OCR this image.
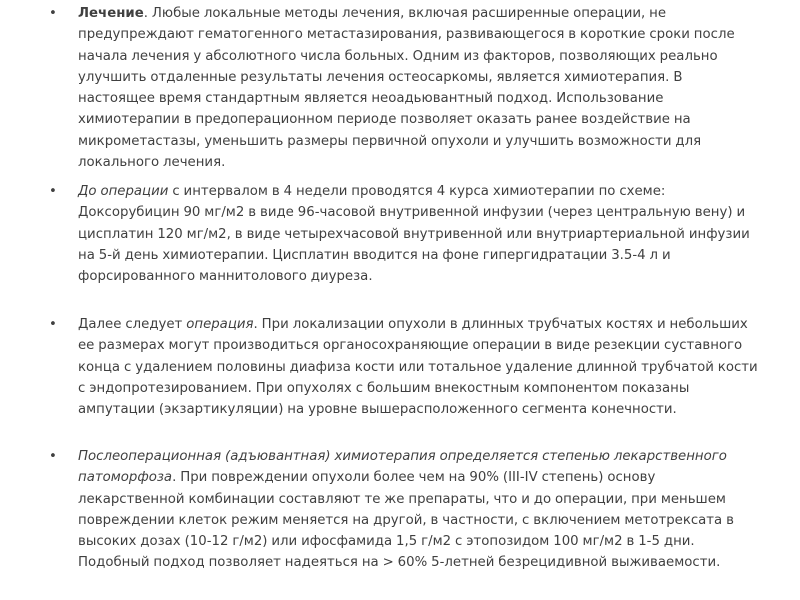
• Лечение. Любые локальные методы лечения, включая расширенные операции, не предупреждают гематогенного метастазирования, развивающегося в короткие сроки после начала лечения у абсолютного числа больных. Одним из факторов, позволяющих реально улучшить отдаленные результаты лечения остеосаркомы, является химиотерапия. В настоящее время стандартным является неоадьювантный подход. Использование химиотерапии в предоперационном периоде позволяет оказать ранее воздействие на микрометастазы, уменьшить размеры первичной опухоли и улучшить возможности для локального лечения.
• До операции с интервалом в 4 недели проводятся 4 курса химиотерапии по схеме: Доксорубицин 90 мг/м2 в виде 96-часовой внутривенной инфузии (через центральную вену) и цисплатин 120 мг/м2, в виде четырехчасовой внутривенной или внутриартериальной инфузии на 5-й день химиотерапии. Цисплатин вводится на фоне гипергидратации 3.5-4 л и форсированного маннитолового диуреза.
• Далее следует операция. При локализации опухоли в длинных трубчатых костях и небольших ее размерах могут производиться органосохраняющие операции в виде резекции суставного конца с удалением половины диафиза кости или тотальное удаление длинной трубчатой кости с эндопротезированием. При опухолях с большим внекостным компонентом показаны ампутации (экзартикуляции) на уровне вышерасположенного сегмента конечности.
• Послеоперационная (адъювантная) химиотерапия определяется степенью лекарственного патоморфоза. При повреждении опухоли более чем на 90% (III-IV степень) основу лекарственной комбинации составляют те же препараты, что и до операции, при меньшем повреждении клеток режим меняется на другой, в частности, с включением метотрексата в высоких дозах (10-12 г/м2) или ифосфамида 1,5 г/м2 с этопозидом 100 мг/м2 в 1-5 дни. Подобный подход позволяет надеяться на > 60% 5-летней безрецидивной выживаемости.
